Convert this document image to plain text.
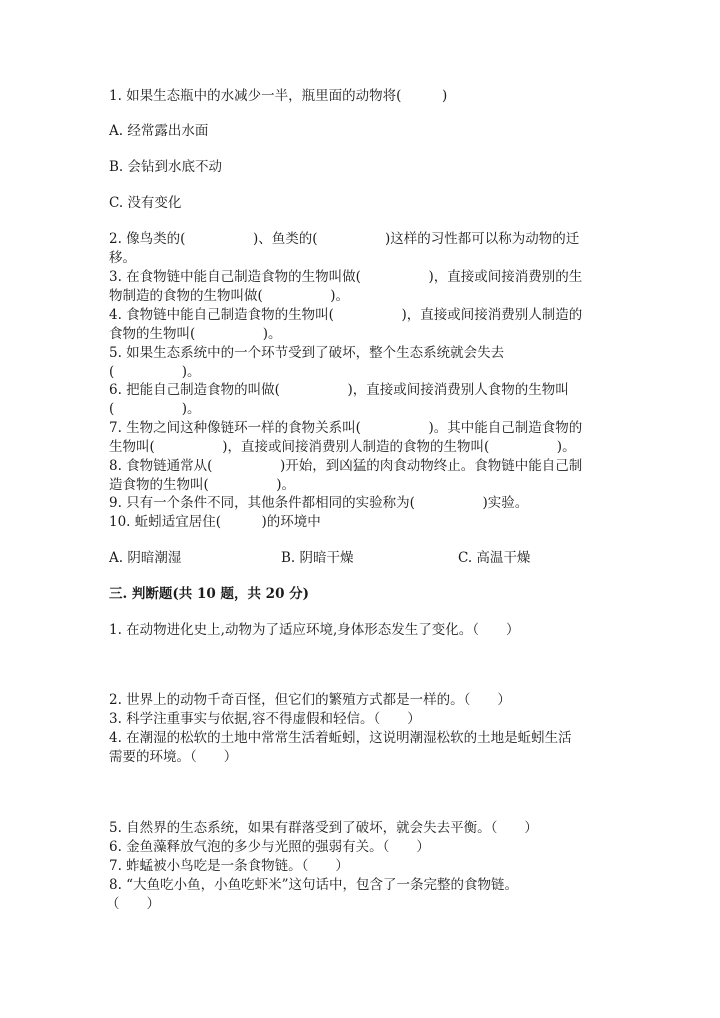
1. 如果生态瓶中的水减少一半，瓶里面的动物将(　　　)
A. 经常露出水面
B. 会钻到水底不动
C. 没有变化
2. 像鸟类的(　　　　　)、鱼类的(　　　　　)这样的习性都可以称为动物的迁
移。
3. 在食物链中能自己制造食物的生物叫做(　　　　　)，直接或间接消费别的生
物制造的食物的生物叫做(　　　　　)。
4. 食物链中能自己制造食物的生物叫(　　　　　)，直接或间接消费别人制造的
食物的生物叫(　　　　　)。
5. 如果生态系统中的一个环节受到了破坏，整个生态系统就会失去
(　　　　　)。
6. 把能自己制造食物的叫做(　　　　　)，直接或间接消费别人食物的生物叫
(　　　　　)。
7. 生物之间这种像链环一样的食物关系叫(　　　　　)。其中能自己制造食物的
生物叫(　　　　　)，直接或间接消费别人制造的食物的生物叫(　　　　　)。
8. 食物链通常从(　　　　　)开始，到凶猛的肉食动物终止。食物链中能自己制
造食物的生物叫(　　　　　)。
9. 只有一个条件不同，其他条件都相同的实验称为(　　　　　)实验。
10. 蚯蚓适宜居住(　　　)的环境中
A. 阴暗潮湿	B. 阴暗干燥	C. 高温干燥
三. 判断题(共 10 题，共 20 分)
1. 在动物进化史上,动物为了适应环境,身体形态发生了变化。（　　）
2. 世界上的动物千奇百怪，但它们的繁殖方式都是一样的。（　　）
3. 科学注重事实与依据,容不得虚假和轻信。（　　）
4. 在潮湿的松软的土地中常常生活着蚯蚓，这说明潮湿松软的土地是蚯蚓生活
需要的环境。（　　）
5. 自然界的生态系统，如果有群落受到了破坏，就会失去平衡。（　　）
6. 金鱼藻释放气泡的多少与光照的强弱有关。（　　）
7. 蚱蜢被小鸟吃是一条食物链。（　　）
8. “大鱼吃小鱼，小鱼吃虾米”这句话中，包含了一条完整的食物链。
（　　）
